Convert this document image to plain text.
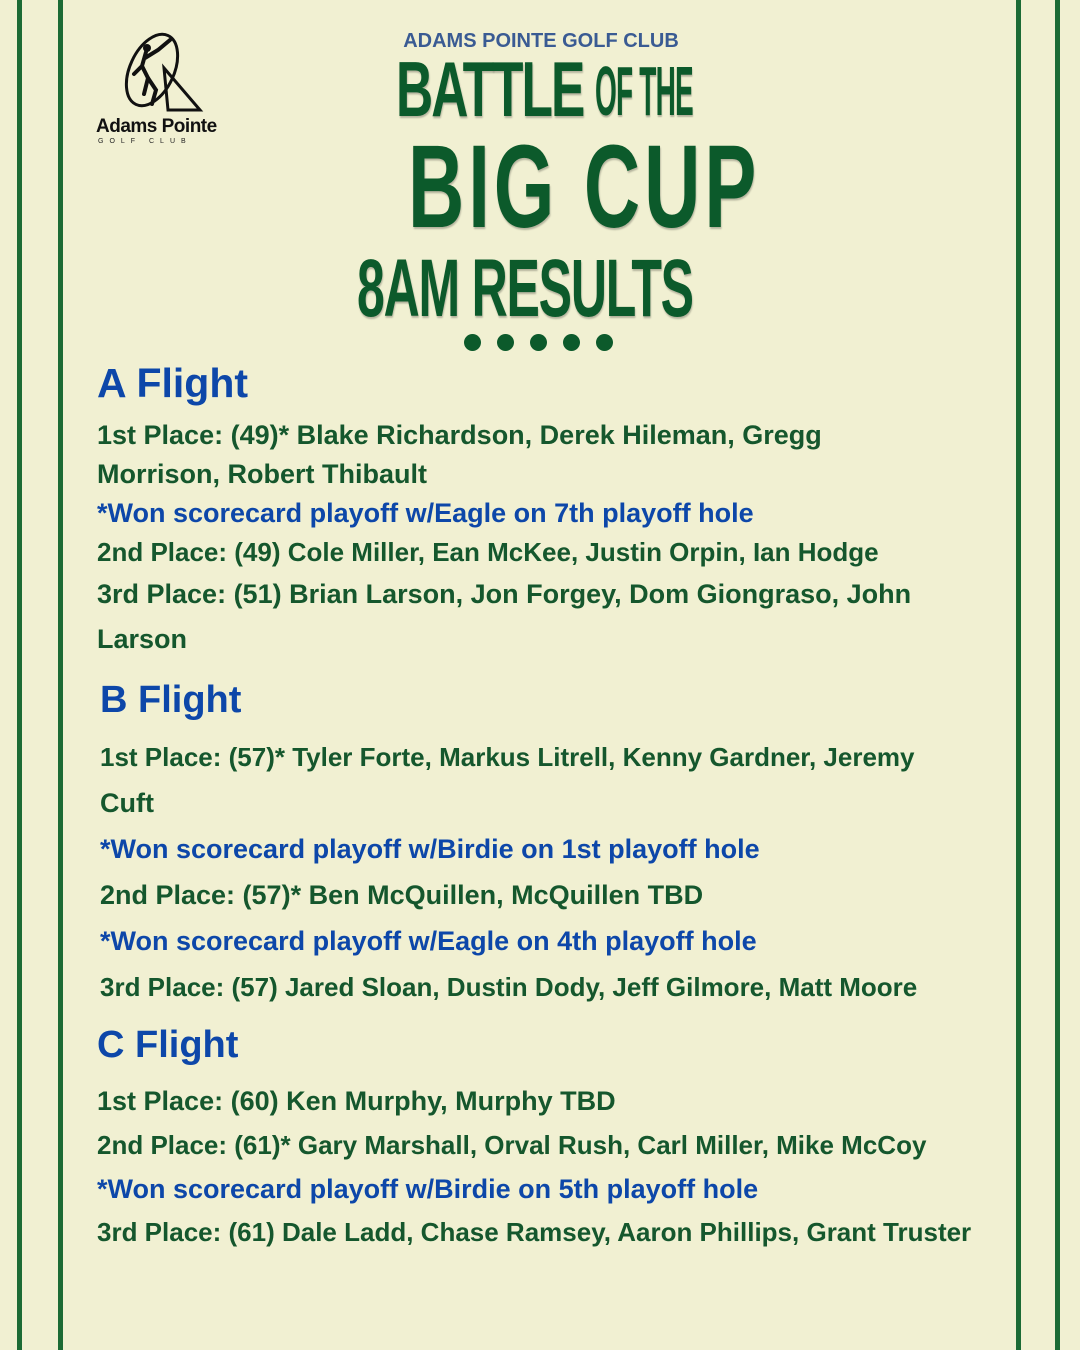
Adams Pointe
GOLF CLUB
ADAMS POINTE GOLF CLUB
BATTLE OF THE
BIG CUP
8AM RESULTS
A Flight
1st Place: (49)* Blake Richardson, Derek Hileman, Gregg
Morrison, Robert Thibault
*Won scorecard playoff w/Eagle on 7th playoff hole
2nd Place: (49) Cole Miller, Ean McKee, Justin Orpin, Ian Hodge
3rd Place: (51) Brian Larson, Jon Forgey, Dom Giongraso, John
Larson
B Flight
1st Place: (57)* Tyler Forte, Markus Litrell, Kenny Gardner, Jeremy
Cuft
*Won scorecard playoff w/Birdie on 1st playoff hole
2nd Place: (57)* Ben McQuillen, McQuillen TBD
*Won scorecard playoff w/Eagle on 4th playoff hole
3rd Place: (57) Jared Sloan, Dustin Dody, Jeff Gilmore, Matt Moore
C Flight
1st Place: (60) Ken Murphy, Murphy TBD
2nd Place: (61)* Gary Marshall, Orval Rush, Carl Miller, Mike McCoy
*Won scorecard playoff w/Birdie on 5th playoff hole
3rd Place: (61) Dale Ladd, Chase Ramsey, Aaron Phillips, Grant Truster
